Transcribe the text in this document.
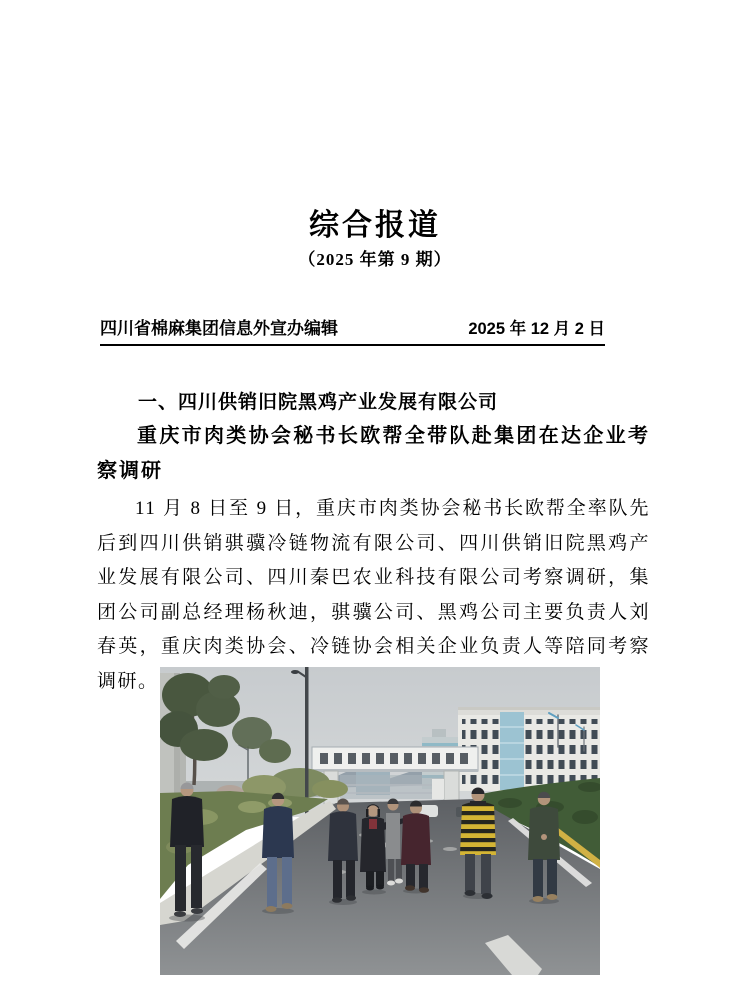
综合报道
（2025 年第 9 期）
四川省棉麻集团信息外宣办编辑	2025 年 12 月 2 日
一、四川供销旧院黑鸡产业发展有限公司
重庆市肉类协会秘书长欧帮全带队赴集团在达企业考察调研
11 月 8 日至 9 日，重庆市肉类协会秘书长欧帮全率队先后到四川供销骐骥冷链物流有限公司、四川供销旧院黑鸡产业发展有限公司、四川秦巴农业科技有限公司考察调研，集团公司副总经理杨秋迪，骐骥公司、黑鸡公司主要负责人刘春英，重庆肉类协会、冷链协会相关企业负责人等陪同考察调研。
